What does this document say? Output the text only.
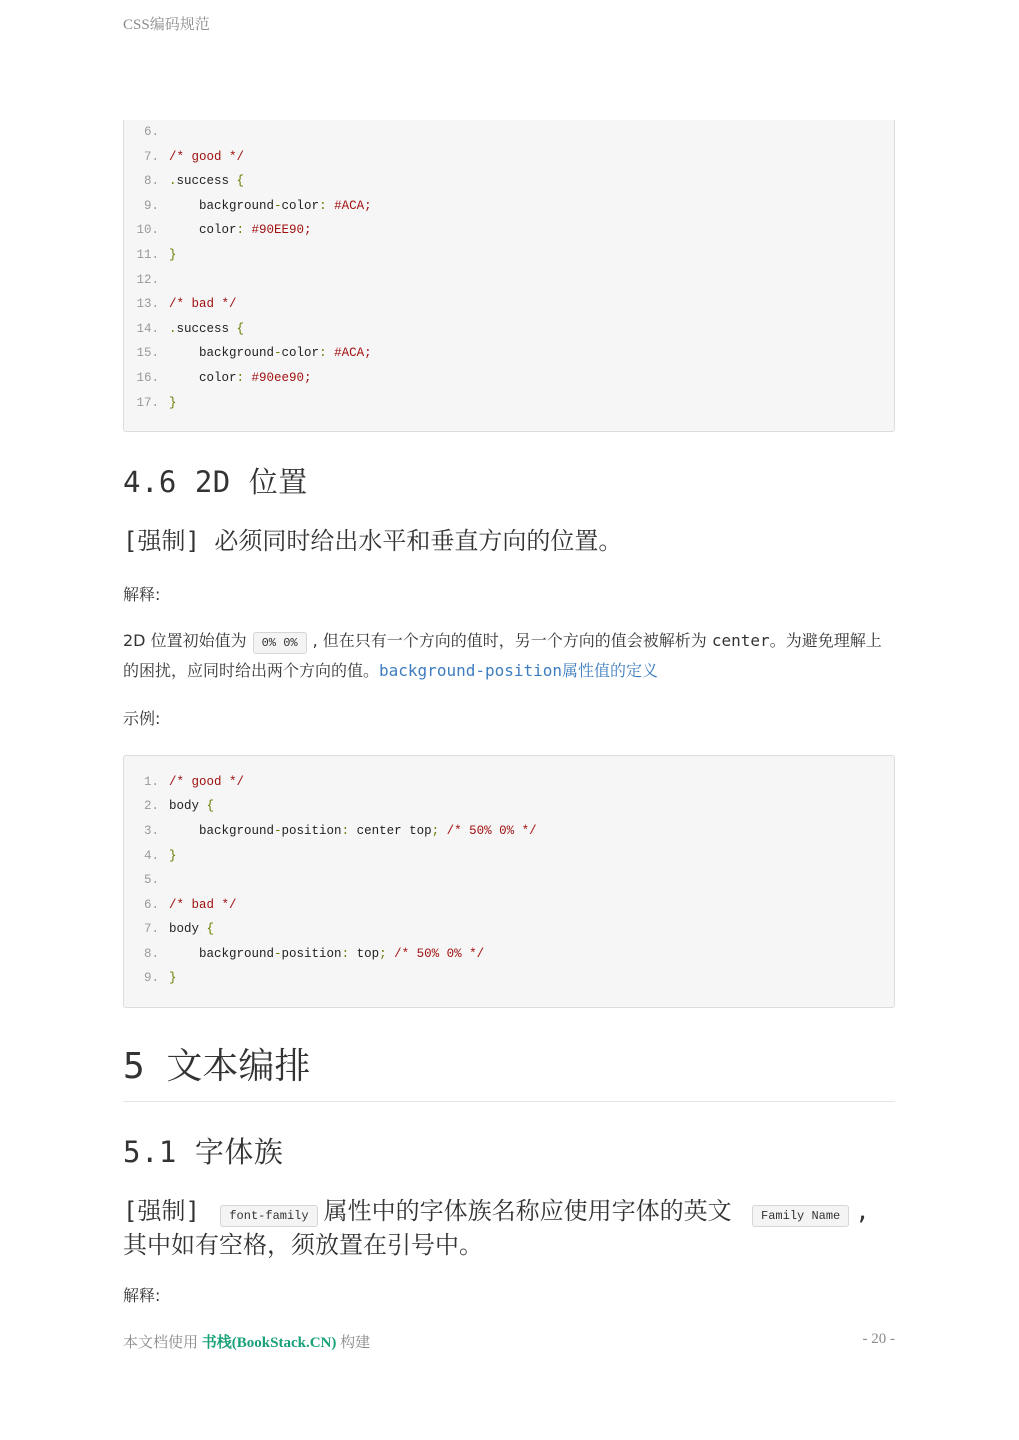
CSS编码规范
6.
7. /* good */
8. . success {
9. background - color : #ACA;
10. color : #90EE90;
11. }
12.
13. /* bad */
14. . success {
15. background - color : #ACA;
16. color : #90ee90;
17. }
4.6 2D 位置
[强制] 必须同时给出水平和垂直方向的位置。

解释:

2D 位置初始值为 0% 0% , 但在只有一个方向的值时，另一个方向的值会被解析为 center。为避免理解上的困扰，应同时给出两个方向的值。background-position属性值的定义

示例:

1. /* good */
2. body {
3. background - position : center top ; /* 50% 0% */
4. }
5.
6. /* bad */
7. body {
8. background - position : top ; /* 50% 0% */
9. }
5 文本编排
5.1 字体族
[强制] font-family 属性中的字体族名称应使用字体的英文 Family Name ,
其中如有空格，须放置在引号中。

解释:

本文档使用 书栈(BookStack.CN) 构建	- 20 -
